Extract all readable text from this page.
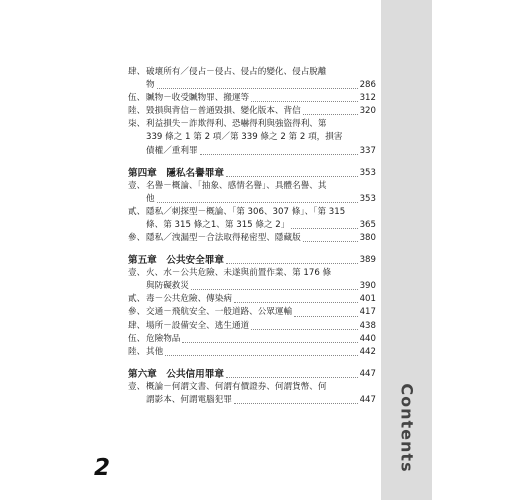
Contents
2
肆、 破壞所有／侵占－侵占、侵占的變化、侵占脫離
物	286
伍、 贓物－收受贓物罪、搬運等	312
陸、 毀損與背信－普通毀損、變化版本、背信	320
柒、 利益損失－詐欺得利、恐嚇得利與強盜得利、第
339 條之 1 第 2 項／第 339 條之 2 第 2 項，損害
債權／重利罪	337
第四章　隱私名譽罪章	353
壹、 名譽－概論、「抽象、感情名譽」、具體名譽、其
他	353
貳、 隱私／刺探型－概論、「第 306、307 條」、「第 315
條、第 315 條之1、第 315 條之 2」	365
參、 隱私／洩漏型－合法取得秘密型、隱藏版	380
第五章　公共安全罪章	389
壹、 火、水－公共危險、未遂與前置作業、第 176 條
與防礙救災	390
貳、 毒－公共危險、傳染病	401
參、 交通－飛航安全、一般道路、公眾運輸	417
肆、 場所－設備安全、逃生通道	438
伍、 危險物品	440
陸、 其他	442
第六章　公共信用罪章	447
壹、 概論－何謂文書、何謂有價證券、何謂貨幣、何
謂影本、何謂電腦犯罪	447
